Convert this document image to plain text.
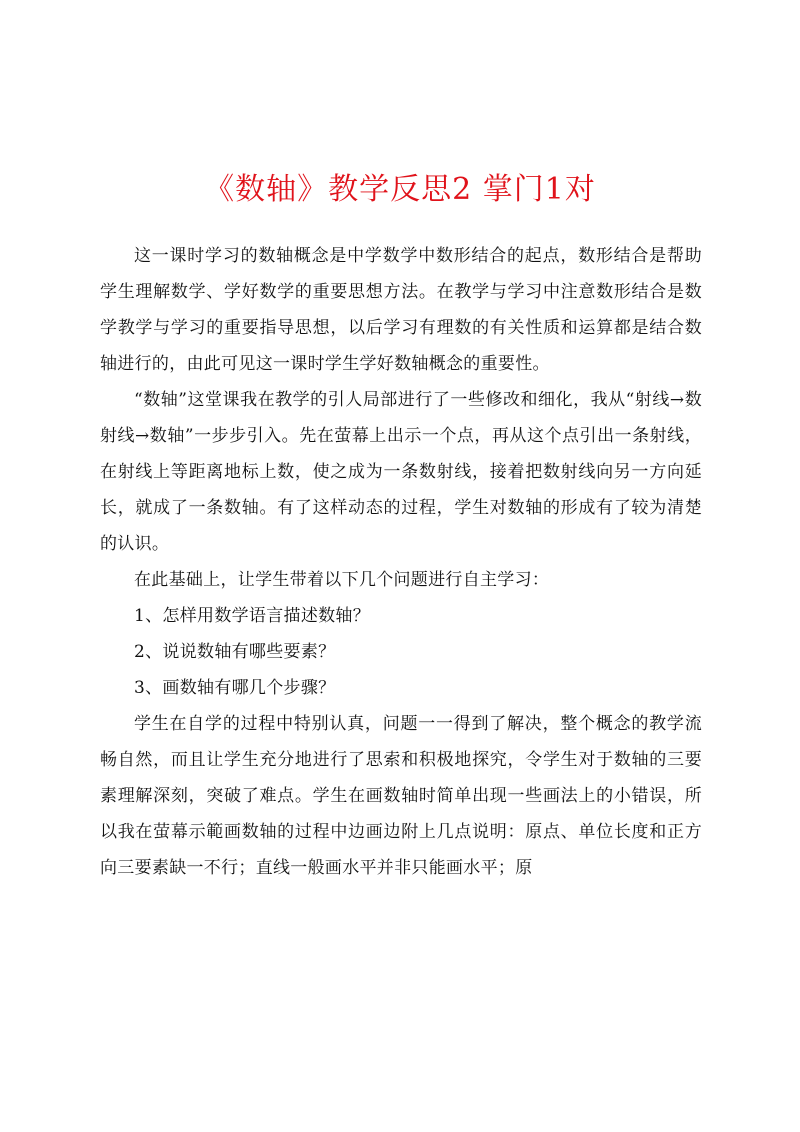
《数轴》教学反思2 掌门1对

这一课时学习的数轴概念是中学数学中数形结合的起点，数形结合是帮助学生理解数学、学好数学的重要思想方法。在教学与学习中注意数形结合是数学教学与学习的重要指导思想，以后学习有理数的有关性质和运算都是结合数轴进行的，由此可见这一课时学生学好数轴概念的重要性。

“数轴”这堂课我在教学的引人局部进行了一些修改和细化，我从“射线→数射线→数轴”一步步引入。先在萤幕上出示一个点，再从这个点引出一条射线，在射线上等距离地标上数，使之成为一条数射线，接着把数射线向另一方向延长，就成了一条数轴。有了这样动态的过程，学生对数轴的形成有了较为清楚的认识。

在此基础上，让学生带着以下几个问题进行自主学习：

1、怎样用数学语言描述数轴？

2、说说数轴有哪些要素？

3、画数轴有哪几个步骤？

学生在自学的过程中特别认真，问题一一得到了解决，整个概念的教学流畅自然，而且让学生充分地进行了思索和积极地探究，令学生对于数轴的三要素理解深刻，突破了难点。学生在画数轴时简单出现一些画法上的小错误，所以我在萤幕示範画数轴的过程中边画边附上几点说明：原点、单位长度和正方向三要素缺一不行；直线一般画水平并非只能画水平；原
